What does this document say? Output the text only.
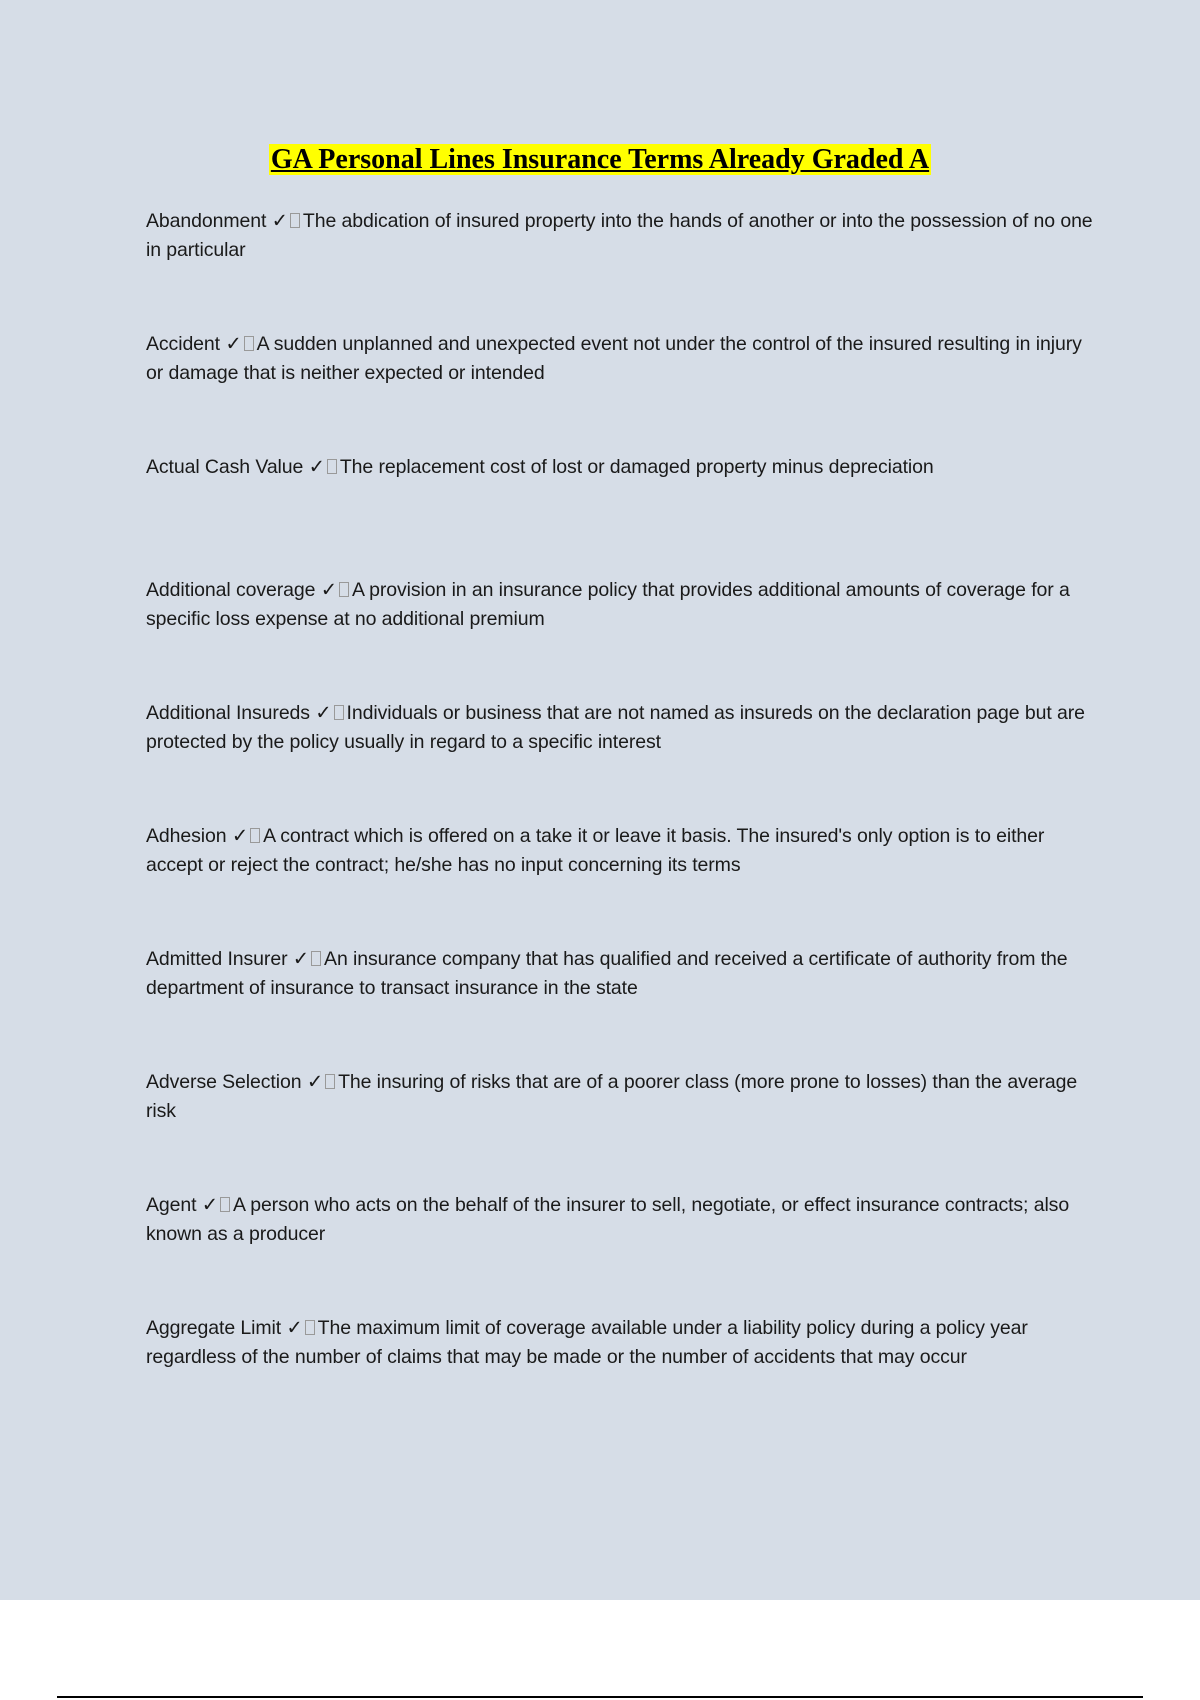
GA Personal Lines Insurance Terms Already Graded A
Abandonment ✓ The abdication of insured property into the hands of another or into the possession of no one in particular
Accident ✓ A sudden unplanned and unexpected event not under the control of the insured resulting in injury or damage that is neither expected or intended
Actual Cash Value ✓ The replacement cost of lost or damaged property minus depreciation
Additional coverage ✓ A provision in an insurance policy that provides additional amounts of coverage for a specific loss expense at no additional premium
Additional Insureds ✓ Individuals or business that are not named as insureds on the declaration page but are protected by the policy usually in regard to a specific interest
Adhesion ✓ A contract which is offered on a take it or leave it basis. The insured's only option is to either accept or reject the contract; he/she has no input concerning its terms
Admitted Insurer ✓ An insurance company that has qualified and received a certificate of authority from the department of insurance to transact insurance in the state
Adverse Selection ✓ The insuring of risks that are of a poorer class (more prone to losses) than the average risk
Agent ✓ A person who acts on the behalf of the insurer to sell, negotiate, or effect insurance contracts; also known as a producer
Aggregate Limit ✓ The maximum limit of coverage available under a liability policy during a policy year regardless of the number of claims that may be made or the number of accidents that may occur
